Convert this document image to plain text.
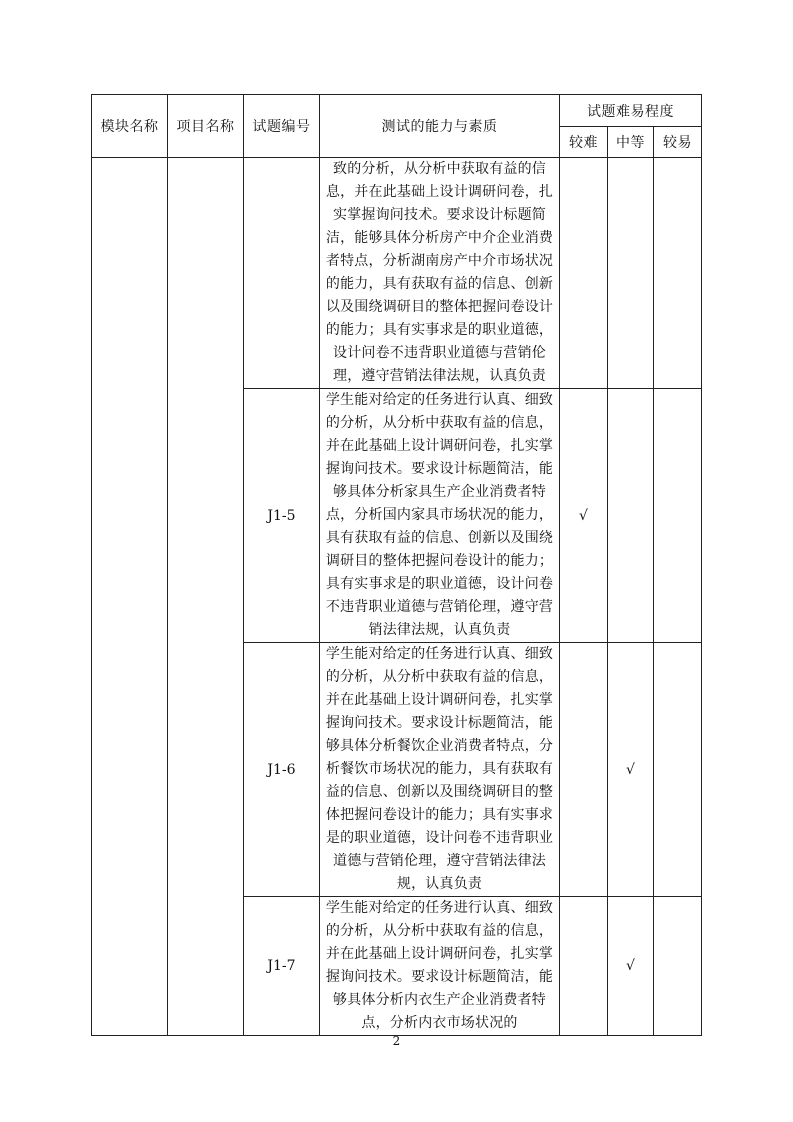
模块名称	项目名称	试题编号	测试的能力与素质	试题难易程度		
				较难	中等	较易
			致的分析，从分析中获取有益的信息，并在此基础上设计调研问卷，扎实掌握询问技术。要求设计标题简洁，能够具体分析房产中介企业消费者特点，分析湖南房产中介市场状况的能力，具有获取有益的信息、创新以及围绕调研目的整体把握问卷设计的能力；具有实事求是的职业道德，设计问卷不违背职业道德与营销伦理，遵守营销法律法规，认真负责			
		J1-5	学生能对给定的任务进行认真、细致的分析，从分析中获取有益的信息，并在此基础上设计调研问卷，扎实掌握询问技术。要求设计标题简洁，能够具体分析家具生产企业消费者特点，分析国内家具市场状况的能力，具有获取有益的信息、创新以及围绕调研目的整体把握问卷设计的能力；具有实事求是的职业道德，设计问卷不违背职业道德与营销伦理，遵守营销法律法规，认真负责	√		
		J1-6	学生能对给定的任务进行认真、细致的分析，从分析中获取有益的信息，并在此基础上设计调研问卷，扎实掌握询问技术。要求设计标题简洁，能够具体分析餐饮企业消费者特点，分析餐饮市场状况的能力，具有获取有益的信息、创新以及围绕调研目的整体把握问卷设计的能力；具有实事求是的职业道德，设计问卷不违背职业道德与营销伦理，遵守营销法律法规，认真负责		√	
		J1-7	学生能对给定的任务进行认真、细致的分析，从分析中获取有益的信息，并在此基础上设计调研问卷，扎实掌握询问技术。要求设计标题简洁，能够具体分析内衣生产企业消费者特点，分析内衣市场状况的		√	
2
